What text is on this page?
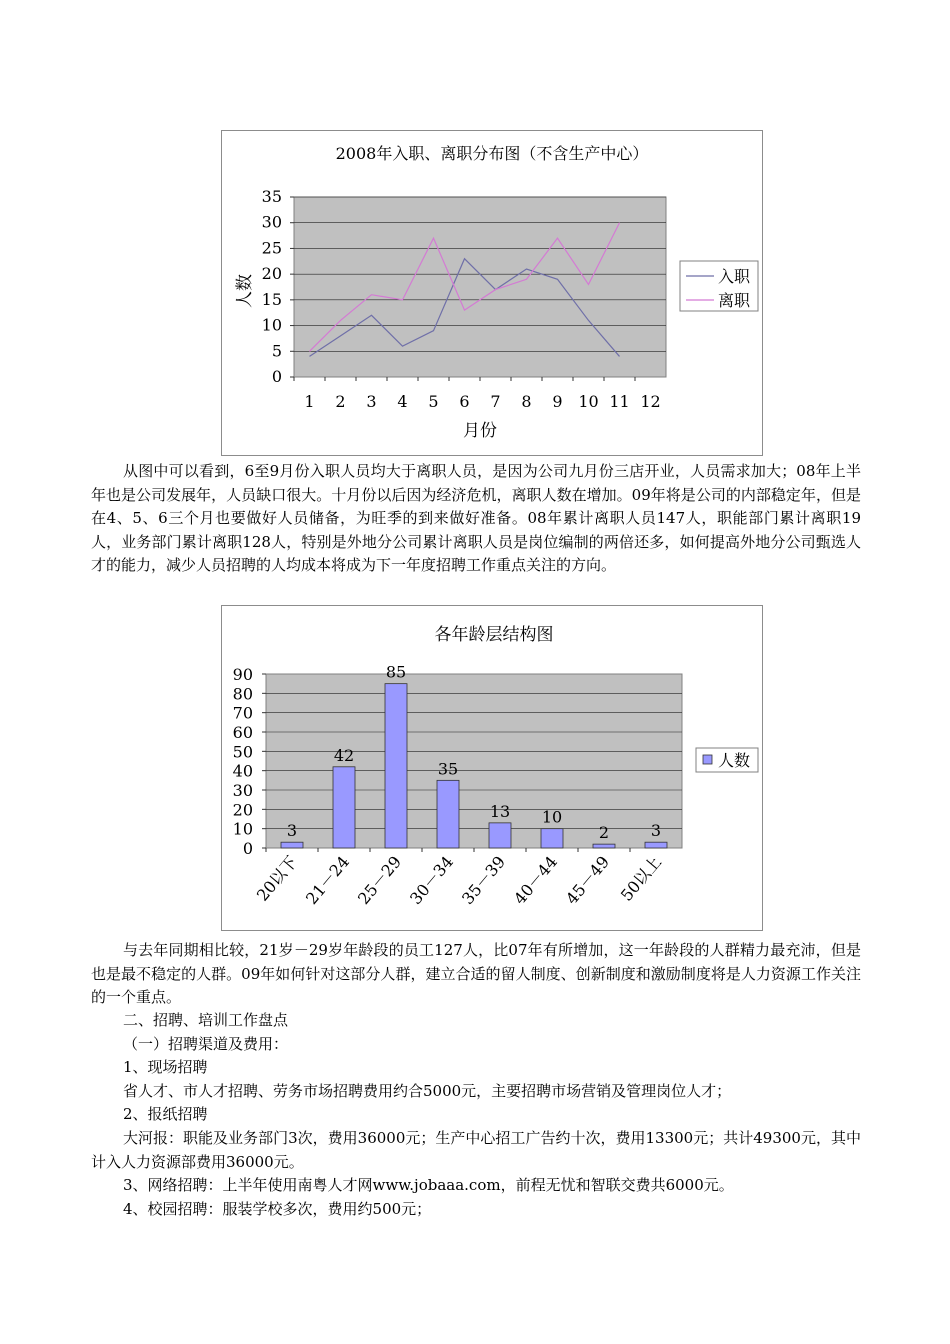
2008年入职、离职分布图（不含生产中心）
0
5
10
15
20
25
30
35
1 2 3 4 5 6 7 8 9 10 11 12
月份
人数	入职
离职

从图中可以看到，6至9月份入职人员均大于离职人员，是因为公司九月份三店开业，人员需求加大；08年上半年也是公司发展年，人员缺口很大。十月份以后因为经济危机，离职人数在增加。09年将是公司的内部稳定年，但是在4、5、6三个月也要做好人员储备，为旺季的到来做好准备。08年累计离职人员147人，职能部门累计离职19人，业务部门累计离职128人，特别是外地分公司累计离职人员是岗位编制的两倍还多，如何提高外地分公司甄选人才的能力，减少人员招聘的人均成本将成为下一年度招聘工作重点关注的方向。

各年龄层结构图
0
10
20
30
40
50
60
70
80
90
20以下 21－24 25－29 30－34 35－39 40－44 45－49 50以上
3
42
85
35
13 10
2	3
人数

与去年同期相比较，21岁－29岁年龄段的员工127人，比07年有所增加，这一年龄段的人群精力最充沛，但是也是最不稳定的人群。09年如何针对这部分人群，建立合适的留人制度、创新制度和激励制度将是人力资源工作关注的一个重点。

二、招聘、培训工作盘点
（一）招聘渠道及费用：
1、现场招聘
省人才、市人才招聘、劳务市场招聘费用约合5000元，主要招聘市场营销及管理岗位人才；
2、报纸招聘

大河报：职能及业务部门3次，费用36000元；生产中心招工广告约十次，费用13300元；共计49300元，其中计入人力资源部费用36000元。

3、网络招聘：上半年使用南粤人才网www.jobaaa.com，前程无忧和智联交费共6000元。
4、校园招聘：服装学校多次，费用约500元；
